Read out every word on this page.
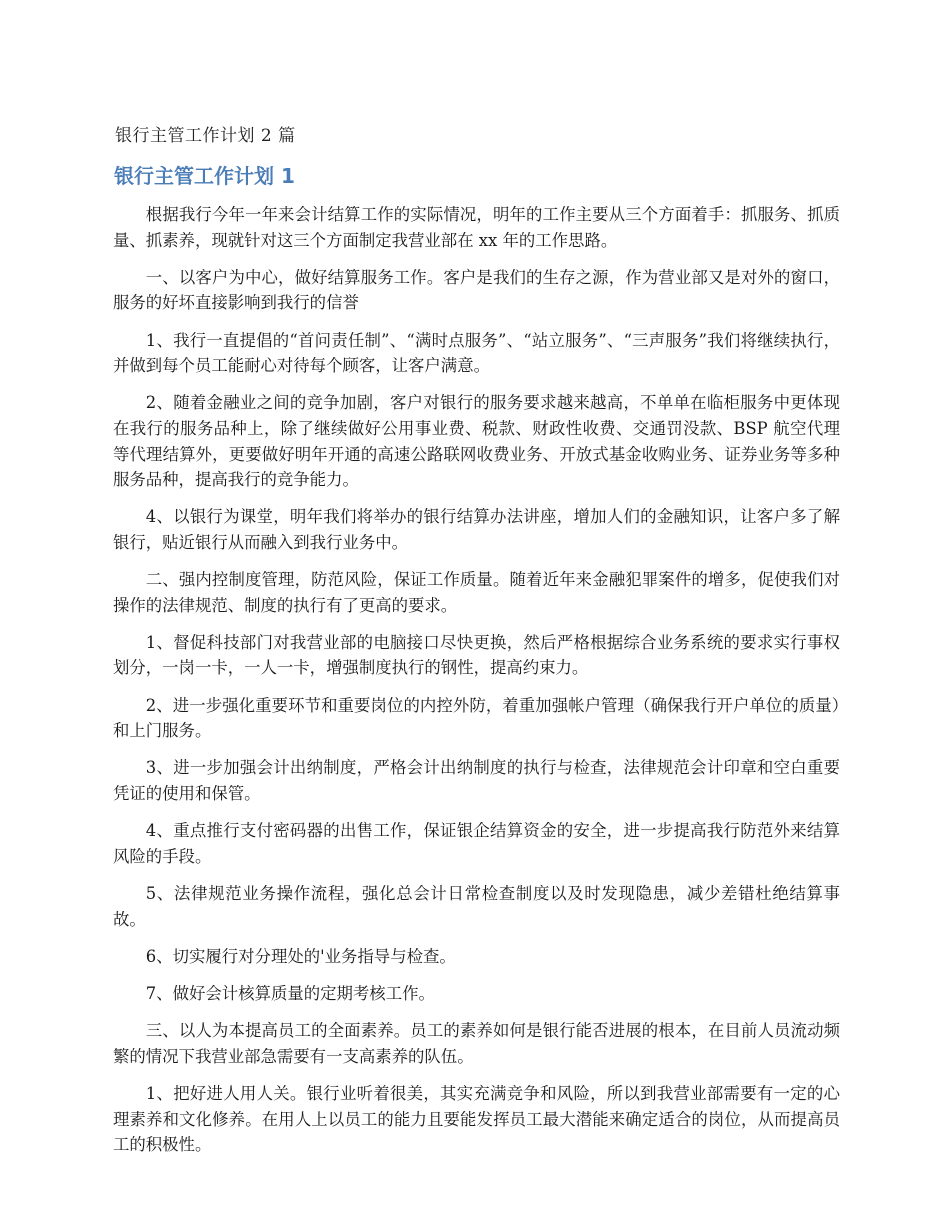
银行主管工作计划 2 篇
银行主管工作计划 1

根据我行今年一年来会计结算工作的实际情况，明年的工作主要从三个方面着手：抓服务、抓质量、抓素养，现就针对这三个方面制定我营业部在 xx 年的工作思路。

一、以客户为中心，做好结算服务工作。客户是我们的生存之源，作为营业部又是对外的窗口，服务的好坏直接影响到我行的信誉

1、我行一直提倡的“首问责任制”、“满时点服务”、“站立服务”、“三声服务”我们将继续执行，并做到每个员工能耐心对待每个顾客，让客户满意。

2、随着金融业之间的竞争加剧，客户对银行的服务要求越来越高，不单单在临柜服务中更体现在我行的服务品种上，除了继续做好公用事业费、税款、财政性收费、交通罚没款、BSP 航空代理等代理结算外，更要做好明年开通的高速公路联网收费业务、开放式基金收购业务、证券业务等多种服务品种，提高我行的竞争能力。

4、以银行为课堂，明年我们将举办的银行结算办法讲座，增加人们的金融知识，让客户多了解银行，贴近银行从而融入到我行业务中。

二、强内控制度管理，防范风险，保证工作质量。随着近年来金融犯罪案件的增多，促使我们对操作的法律规范、制度的执行有了更高的要求。

1、督促科技部门对我营业部的电脑接口尽快更换，然后严格根据综合业务系统的要求实行事权划分，一岗一卡，一人一卡，增强制度执行的钢性，提高约束力。

2、进一步强化重要环节和重要岗位的内控外防，着重加强帐户管理（确保我行开户单位的质量）和上门服务。

3、进一步加强会计出纳制度，严格会计出纳制度的执行与检查，法律规范会计印章和空白重要凭证的使用和保管。

4、重点推行支付密码器的出售工作，保证银企结算资金的安全，进一步提高我行防范外来结算风险的手段。

5、法律规范业务操作流程，强化总会计日常检查制度以及时发现隐患，减少差错杜绝结算事故。

6、切实履行对分理处的'业务指导与检查。

7、做好会计核算质量的定期考核工作。

三、以人为本提高员工的全面素养。员工的素养如何是银行能否进展的根本，在目前人员流动频繁的情况下我营业部急需要有一支高素养的队伍。

1、把好进人用人关。银行业听着很美，其实充满竞争和风险，所以到我营业部需要有一定的心理素养和文化修养。在用人上以员工的能力且要能发挥员工最大潜能来确定适合的岗位，从而提高员工的积极性。
